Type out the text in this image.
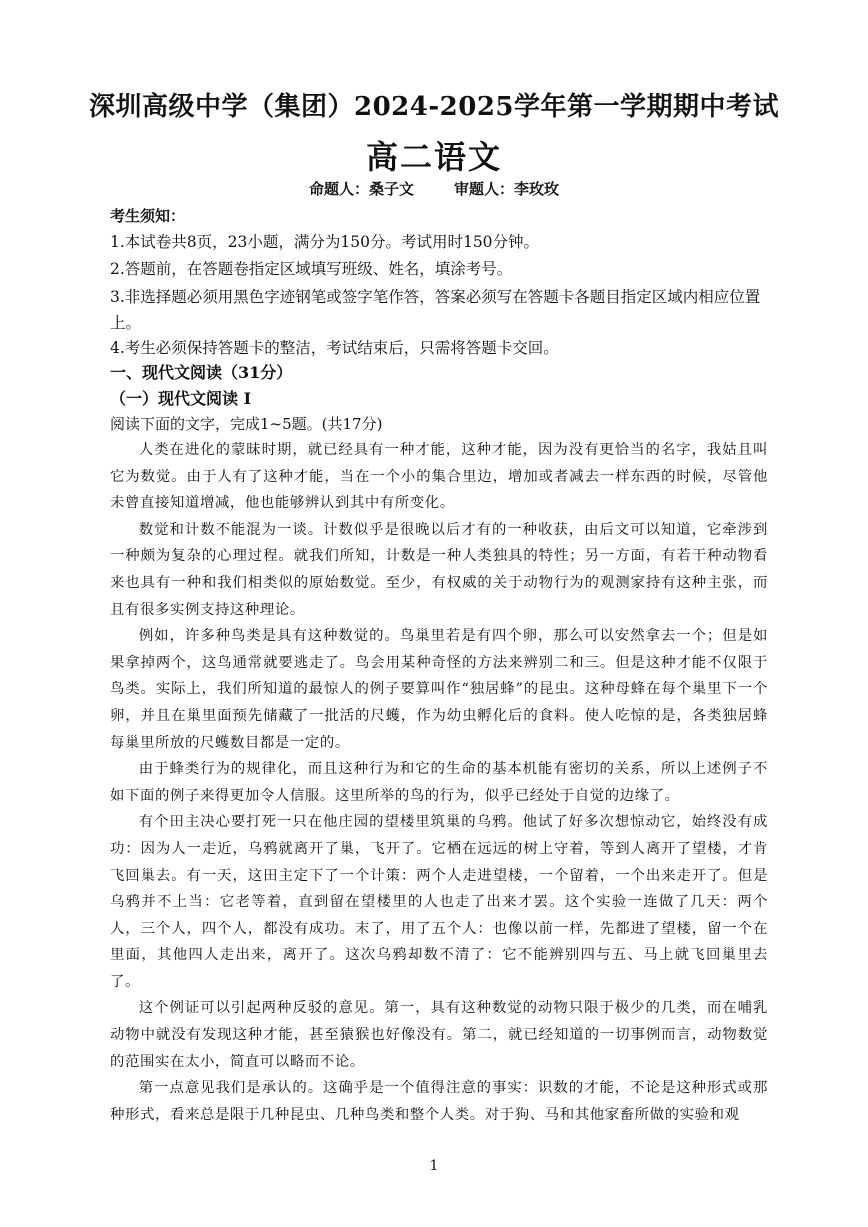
深圳高级中学（集团）2024-2025学年第一学期期中考试
高二语文
命题人：桑子文	审题人：李玫玫
考生须知：
1.本试卷共8页，23小题，满分为150分。考试用时150分钟。
2.答题前，在答题卷指定区域填写班级、姓名，填涂考号。
3.非选择题必须用黑色字迹钢笔或签字笔作答，答案必须写在答题卡各题目指定区域内相应位置上。
4.考生必须保持答题卡的整洁，考试结束后，只需将答题卡交回。
一、现代文阅读（31分）
（一）现代文阅读 I
阅读下面的文字，完成1~5题。(共17分)

人类在进化的蒙昧时期，就已经具有一种才能，这种才能，因为没有更恰当的名字，我姑且叫它为数觉。由于人有了这种才能，当在一个小的集合里边，增加或者减去一样东西的时候，尽管他未曾直接知道增减，他也能够辨认到其中有所变化。

数觉和计数不能混为一谈。计数似乎是很晚以后才有的一种收获，由后文可以知道，它牵涉到一种颇为复杂的心理过程。就我们所知，计数是一种人类独具的特性；另一方面，有若干种动物看来也具有一种和我们相类似的原始数觉。至少，有权威的关于动物行为的观测家持有这种主张，而且有很多实例支持这种理论。

例如，许多种鸟类是具有这种数觉的。鸟巢里若是有四个卵，那么可以安然拿去一个；但是如果拿掉两个，这鸟通常就要逃走了。鸟会用某种奇怪的方法来辨别二和三。但是这种才能不仅限于鸟类。实际上，我们所知道的最惊人的例子要算叫作“独居蜂”的昆虫。这种母蜂在每个巢里下一个卵，并且在巢里面预先储藏了一批活的尺蠖，作为幼虫孵化后的食料。使人吃惊的是，各类独居蜂每巢里所放的尺蠖数目都是一定的。

由于蜂类行为的规律化，而且这种行为和它的生命的基本机能有密切的关系，所以上述例子不如下面的例子来得更加令人信服。这里所举的鸟的行为，似乎已经处于自觉的边缘了。

有个田主决心要打死一只在他庄园的望楼里筑巢的乌鸦。他试了好多次想惊动它，始终没有成功：因为人一走近，乌鸦就离开了巢，飞开了。它栖在远远的树上守着，等到人离开了望楼，才肯飞回巢去。有一天，这田主定下了一个计策：两个人走进望楼，一个留着，一个出来走开了。但是乌鸦并不上当：它老等着，直到留在望楼里的人也走了出来才罢。这个实验一连做了几天：两个人，三个人，四个人，都没有成功。末了，用了五个人：也像以前一样，先都进了望楼，留一个在里面，其他四人走出来，离开了。这次乌鸦却数不清了：它不能辨别四与五、马上就飞回巢里去了。

这个例证可以引起两种反驳的意见。第一，具有这种数觉的动物只限于极少的几类，而在哺乳动物中就没有发现这种才能，甚至猿猴也好像没有。第二，就已经知道的一切事例而言，动物数觉的范围实在太小，简直可以略而不论。

第一点意见我们是承认的。这确乎是一个值得注意的事实：识数的才能，不论是这种形式或那种形式，看来总是限于几种昆虫、几种鸟类和整个人类。对于狗、马和其他家畜所做的实验和观

1
